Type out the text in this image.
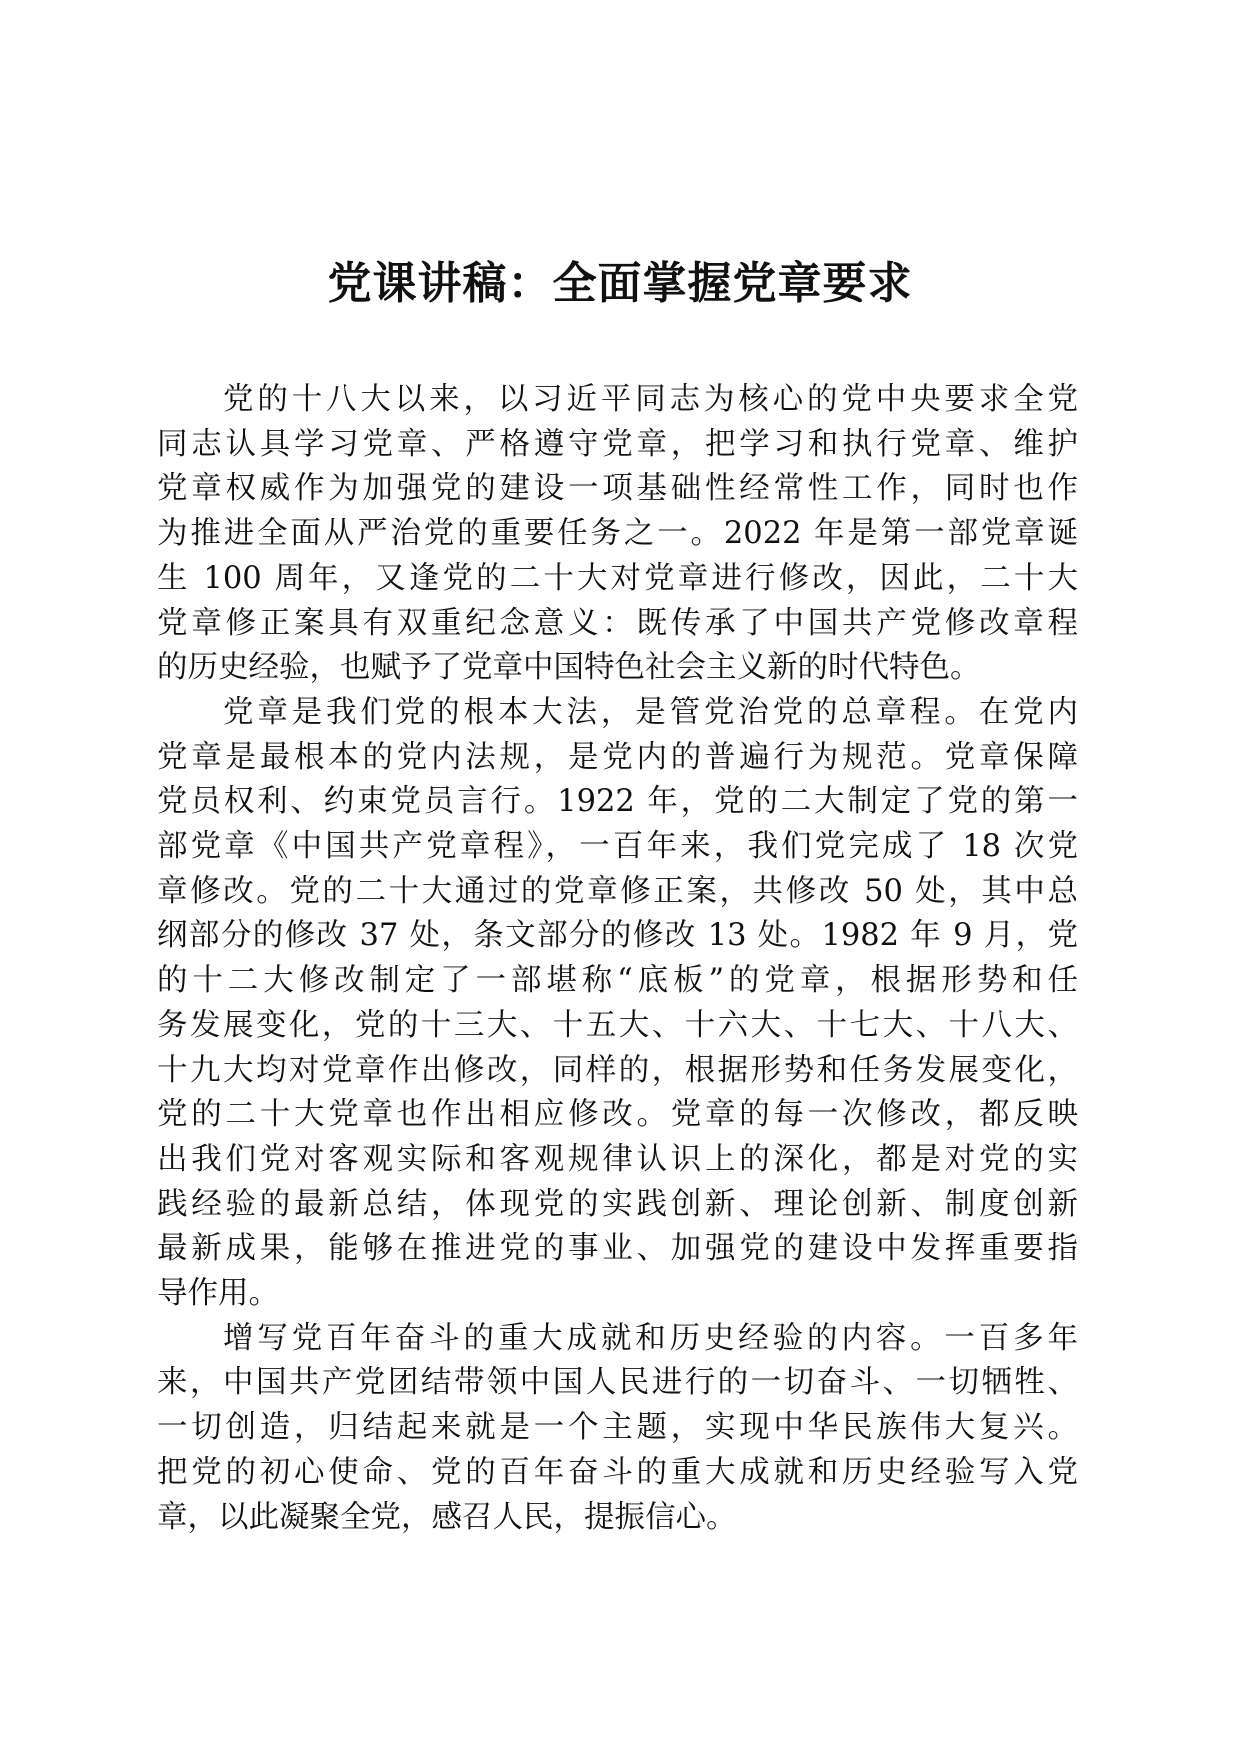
党课讲稿：全面掌握党章要求

党的十八大以来，以习近平同志为核心的党中央要求全党
同志认具学习党章、严格遵守党章，把学习和执行党章、维护
党章权威作为加强党的建设一项基础性经常性工作，同时也作
为推进全面从严治党的重要任务之一。2022 年是第一部党章诞
生 100 周年，又逢党的二十大对党章进行修改，因此，二十大
党章修正案具有双重纪念意义：既传承了中国共产党修改章程
的历史经验，也赋予了党章中国特色社会主义新的时代特色。

党章是我们党的根本大法，是管党治党的总章程。在党内
党章是最根本的党内法规，是党内的普遍行为规范。党章保障
党员权利、约束党员言行。1922 年，党的二大制定了党的第一
部党章《中国共产党章程》，一百年来，我们党完成了 18 次党
章修改。党的二十大通过的党章修正案，共修改 50 处，其中总
纲部分的修改 37 处，条文部分的修改 13 处。1982 年 9 月，党
的十二大修改制定了一部堪称“底板”的党章，根据形势和任
务发展变化，党的十三大、十五大、十六大、十七大、十八大、
十九大均对党章作出修改，同样的，根据形势和任务发展变化，
党的二十大党章也作出相应修改。党章的每一次修改，都反映
出我们党对客观实际和客观规律认识上的深化，都是对党的实
践经验的最新总结，体现党的实践创新、理论创新、制度创新
最新成果，能够在推进党的事业、加强党的建设中发挥重要指
导作用。

增写党百年奋斗的重大成就和历史经验的内容。一百多年
来，中国共产党团结带领中国人民进行的一切奋斗、一切牺牲、
一切创造，归结起来就是一个主题，实现中华民族伟大复兴。
把党的初心使命、党的百年奋斗的重大成就和历史经验写入党
章，以此凝聚全党，感召人民，提振信心。
